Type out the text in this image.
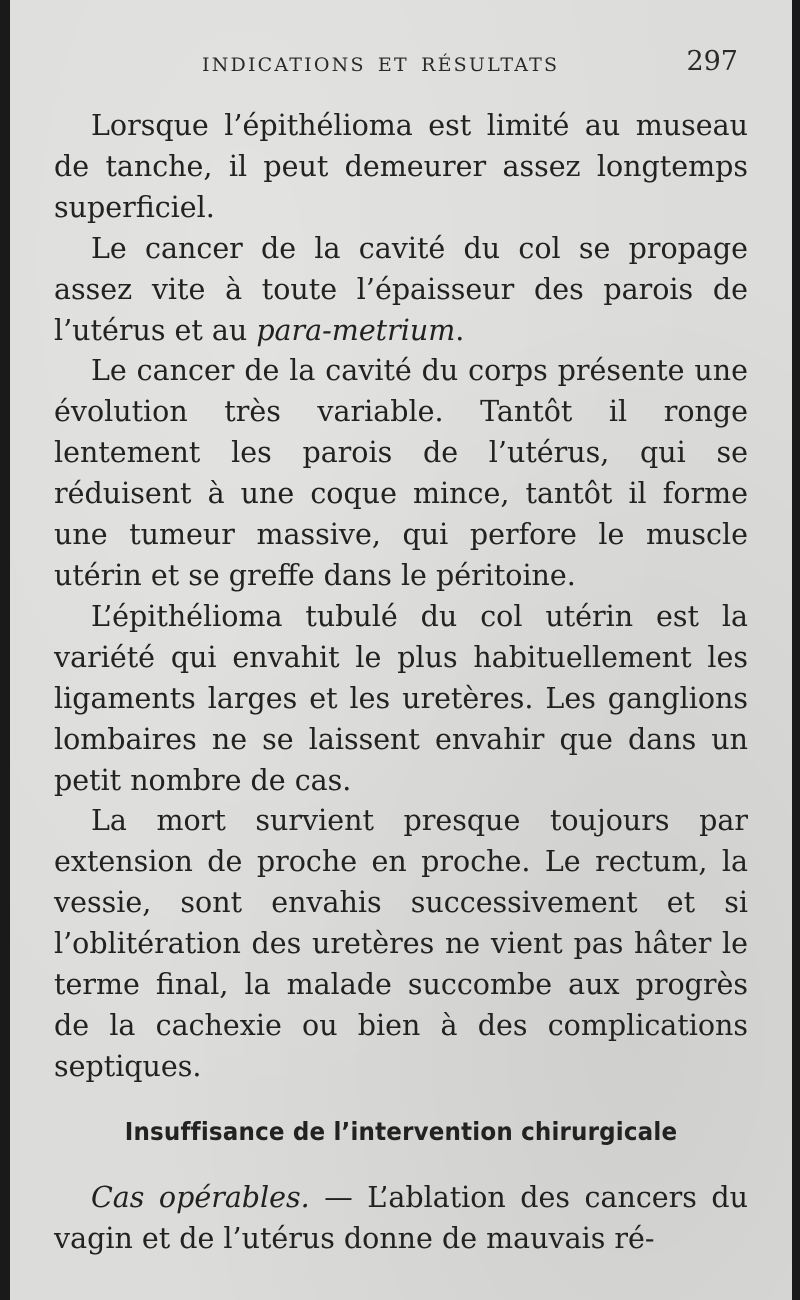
INDICATIONS ET RÉSULTATS	297

Lorsque l’épithélioma est limité au museau de tanche, il peut demeurer assez longtemps superficiel.

Le cancer de la cavité du col se propage assez vite à toute l’épaisseur des parois de l’utérus et au para-metrium.

Le cancer de la cavité du corps présente une évolution très variable. Tantôt il ronge lentement les parois de l’utérus, qui se réduisent à une coque mince, tantôt il forme une tumeur massive, qui perfore le muscle utérin et se greffe dans le péritoine.

L’épithélioma tubulé du col utérin est la variété qui envahit le plus habituellement les ligaments larges et les uretères. Les ganglions lombaires ne se laissent envahir que dans un petit nombre de cas.

La mort survient presque toujours par extension de proche en proche. Le rectum, la vessie, sont envahis successivement et si l’oblitération des uretères ne vient pas hâter le terme final, la malade succombe aux progrès de la cachexie ou bien à des complications septiques.

Insuffisance de l’intervention chirurgicale

Cas opérables. — L’ablation des cancers du vagin et de l’utérus donne de mauvais ré-
